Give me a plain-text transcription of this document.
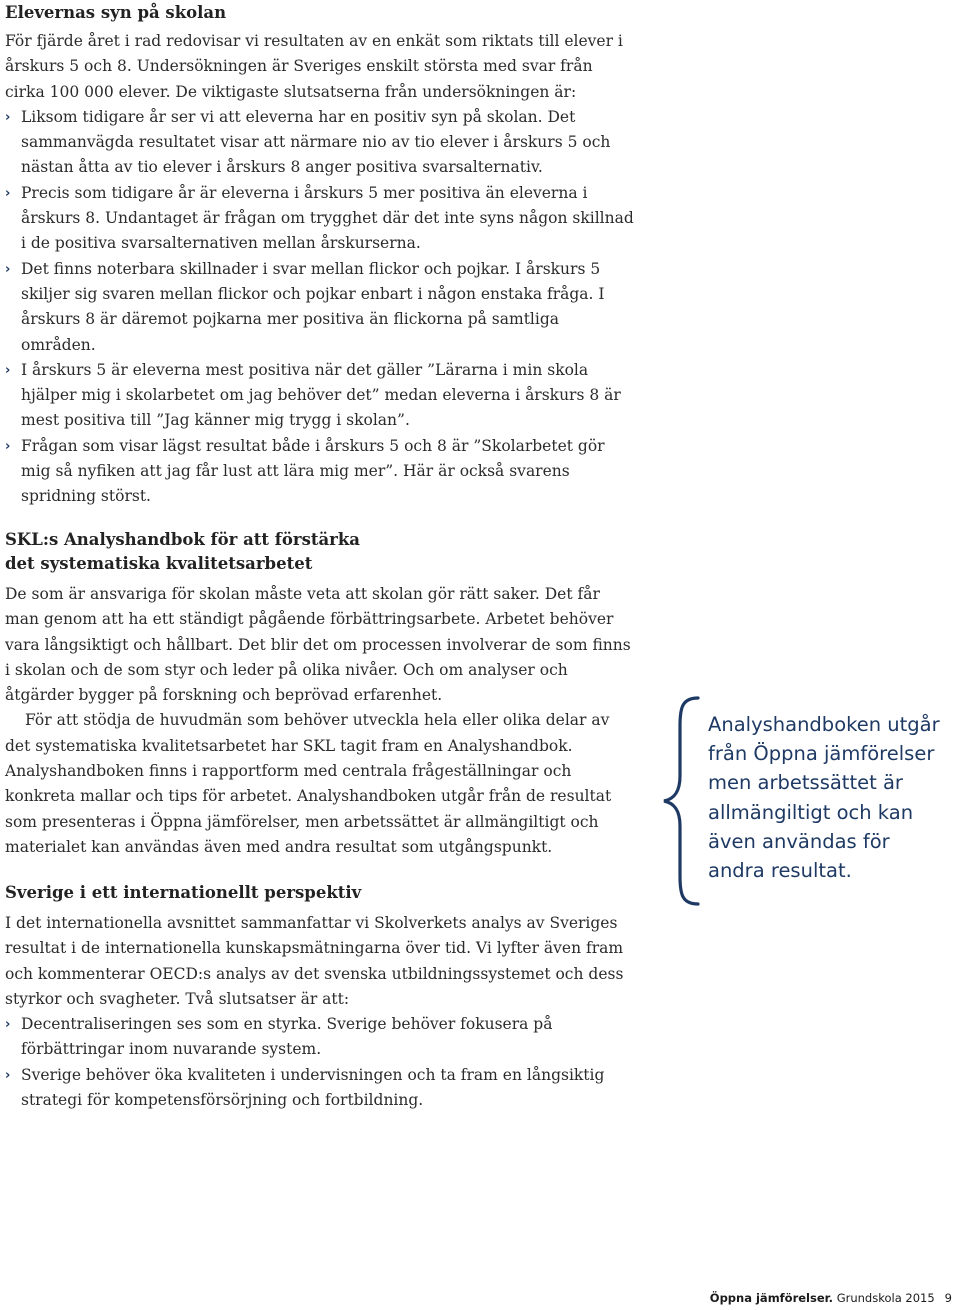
Elevernas syn på skolan

För fjärde året i rad redovisar vi resultaten av en enkät som riktats till elever i årskurs 5 och 8. Undersökningen är Sveriges enskilt största med svar från cirka 100 000 elever. De viktigaste slutsatserna från undersökningen är:

› Liksom tidigare år ser vi att eleverna har en positiv syn på skolan. Det sammanvägda resultatet visar att närmare nio av tio elever i årskurs 5 och nästan åtta av tio elever i årskurs 8 anger positiva svarsalternativ.
› Precis som tidigare år är eleverna i årskurs 5 mer positiva än eleverna i årskurs 8. Undantaget är frågan om trygghet där det inte syns någon skillnad i de positiva svarsalternativen mellan årskurserna.
› Det finns noterbara skillnader i svar mellan flickor och pojkar. I årskurs 5 skiljer sig svaren mellan flickor och pojkar enbart i någon enstaka fråga. I årskurs 8 är däremot pojkarna mer positiva än flickorna på samtliga områden.
› I årskurs 5 är eleverna mest positiva när det gäller ”Lärarna i min skola hjälper mig i skolarbetet om jag behöver det” medan eleverna i årskurs 8 är mest positiva till ”Jag känner mig trygg i skolan”.
› Frågan som visar lägst resultat både i årskurs 5 och 8 är ”Skolarbetet gör mig så nyfiken att jag får lust att lära mig mer”. Här är också svarens spridning störst.
SKL:s Analyshandbok för att förstärka
det systematiska kvalitetsarbetet

De som är ansvariga för skolan måste veta att skolan gör rätt saker. Det får man genom att ha ett ständigt pågående förbättringsarbete. Arbetet behöver vara långsiktigt och hållbart. Det blir det om processen involverar de som finns i skolan och de som styr och leder på olika nivåer. Och om analyser och åtgärder bygger på forskning och beprövad erfarenhet.

För att stödja de huvudmän som behöver utveckla hela eller olika delar av det systematiska kvalitetsarbetet har SKL tagit fram en Analyshandbok. Analyshandboken finns i rapportform med centrala frågeställningar och konkreta mallar och tips för arbetet. Analyshandboken utgår från de resultat som presenteras i Öppna jämförelser, men arbetssättet är allmängiltigt och materialet kan användas även med andra resultat som utgångspunkt.

Sverige i ett internationellt perspektiv

I det internationella avsnittet sammanfattar vi Skolverkets analys av Sveriges resultat i de internationella kunskapsmätningarna över tid. Vi lyfter även fram och kommenterar OECD:s analys av det svenska utbildningssystemet och dess styrkor och svagheter. Två slutsatser är att:

› Decentraliseringen ses som en styrka. Sverige behöver fokusera på förbättringar inom nuvarande system.
› Sverige behöver öka kvaliteten i undervisningen och ta fram en långsiktig strategi för kompetensförsörjning och fortbildning.
Analyshandboken utgår från Öppna jämförelser men arbetssättet är allmängiltigt och kan även användas för andra resultat.
Öppna jämförelser. Grundskola 2015 9
